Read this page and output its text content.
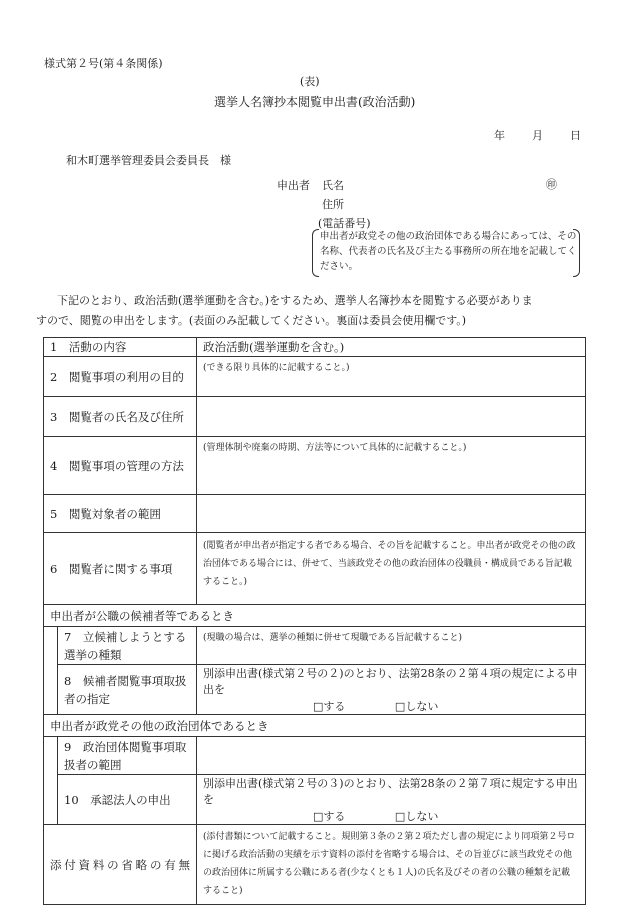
様式第２号(第４条関係)
(表)
選挙人名簿抄本閲覧申出書(政治活動)
年 月 日
和木町選挙管理委員会委員長　様
申出者 氏名	㊞
住所
(電話番号)
申出者が政党その他の政治団体である場合にあっては、その名称、代表者の氏名及び主たる事務所の所在地を記載してください。
下記のとおり、政治活動(選挙運動を含む。)をするため、選挙人名簿抄本を閲覧する必要がありま
すので、閲覧の申出をします。(表面のみ記載してください。裏面は委員会使用欄です。)
1　活動の内容		政治活動(選挙運動を含む。)
2　閲覧事項の利用の目的		(できる限り具体的に記載すること。)
3　閲覧者の氏名及び住所		
4　閲覧事項の管理の方法		(管理体制や廃棄の時期、方法等について具体的に記載すること。)
5　閲覧対象者の範囲		
6　閲覧者に関する事項		(閲覧者が申出者が指定する者である場合、その旨を記載すること。申出者が政党その他の政治団体である場合には、併せて、当該政党その他の政治団体の役職員・構成員である旨記載すること。)
申出者が公職の候補者等であるとき		
	7　立候補しようとする選挙の種類	(現職の場合は、選挙の種類に併せて現職である旨記載すること)
	8　候補者閲覧事項取扱者の指定	別添申出書(様式第２号の２)のとおり、法第28条の２第４項の規定による申出を
□する □しない

申出者が政党その他の政治団体であるとき		
	9　政治団体閲覧事項取扱者の範囲	
	10　承認法人の申出	別添申出書(様式第２号の３)のとおり、法第28条の２第７項に規定する申出を
□する □しない

添付資料の省略の有無		(添付書類について記載すること。規則第３条の２第２項ただし書の規定により同項第２号ロに掲げる政治活動の実績を示す資料の添付を省略する場合は、その旨並びに該当政党その他の政治団体に所属する公職にある者(少なくとも１人)の氏名及びその者の公職の種類を記載すること)
